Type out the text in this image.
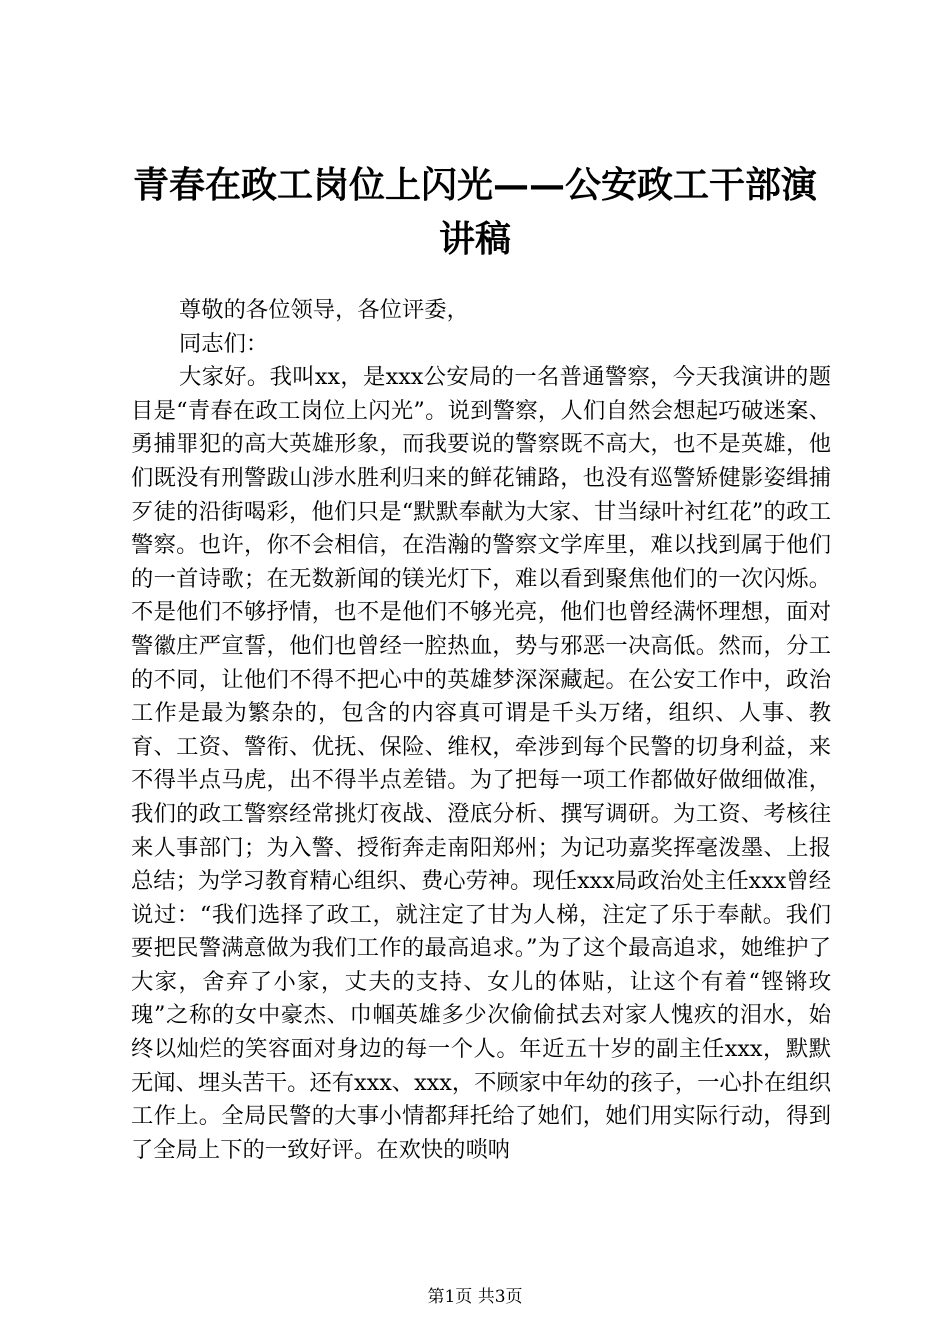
青春在政工岗位上闪光——公安政工干部演讲稿

尊敬的各位领导，各位评委，

同志们：

大家好。我叫xx，是xxx公安局的一名普通警察，今天我演讲的题目是“青春在政工岗位上闪光”。说到警察，人们自然会想起巧破迷案、勇捕罪犯的高大英雄形象，而我要说的警察既不高大，也不是英雄，他们既没有刑警跋山涉水胜利归来的鲜花铺路，也没有巡警矫健影姿缉捕歹徒的沿街喝彩，他们只是“默默奉献为大家、甘当绿叶衬红花”的政工警察。也许，你不会相信，在浩瀚的警察文学库里，难以找到属于他们的一首诗歌；在无数新闻的镁光灯下，难以看到聚焦他们的一次闪烁。不是他们不够抒情，也不是他们不够光亮，他们也曾经满怀理想，面对警徽庄严宣誓，他们也曾经一腔热血，势与邪恶一决高低。然而，分工的不同，让他们不得不把心中的英雄梦深深藏起。在公安工作中，政治工作是最为繁杂的，包含的内容真可谓是千头万绪，组织、人事、教育、工资、警衔、优抚、保险、维权，牵涉到每个民警的切身利益，来不得半点马虎，出不得半点差错。为了把每一项工作都做好做细做准，我们的政工警察经常挑灯夜战、澄底分析、撰写调研。为工资、考核往来人事部门；为入警、授衔奔走南阳郑州；为记功嘉奖挥毫泼墨、上报总结；为学习教育精心组织、费心劳神。现任xxx局政治处主任xxx曾经说过：“我们选择了政工，就注定了甘为人梯，注定了乐于奉献。我们要把民警满意做为我们工作的最高追求。”为了这个最高追求，她维护了大家，舍弃了小家，丈夫的支持、女儿的体贴，让这个有着“铿锵玫瑰”之称的女中豪杰、巾帼英雄多少次偷偷拭去对家人愧疚的泪水，始终以灿烂的笑容面对身边的每一个人。年近五十岁的副主任xxx，默默无闻、埋头苦干。还有xxx、xxx，不顾家中年幼的孩子，一心扑在组织工作上。全局民警的大事小情都拜托给了她们，她们用实际行动，得到了全局上下的一致好评。在欢快的唢呐

第1页 共3页
